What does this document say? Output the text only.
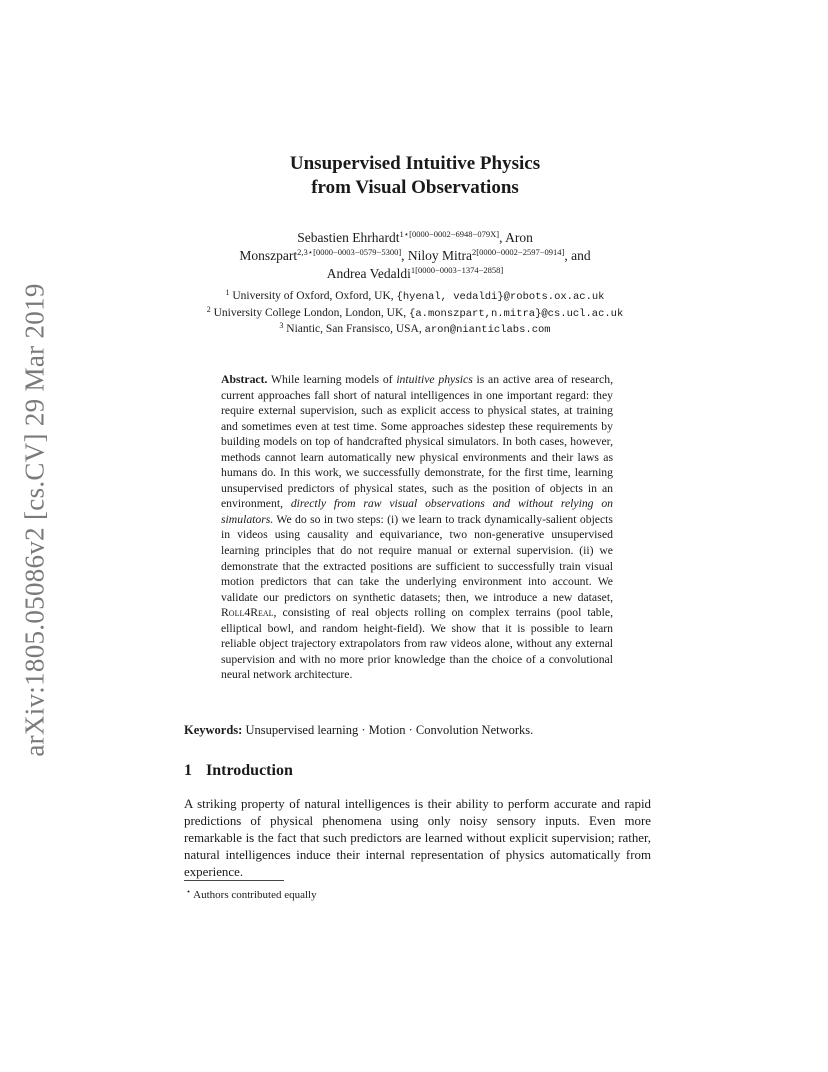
arXiv:1805.05086v2 [cs.CV] 29 Mar 2019
Unsupervised Intuitive Physics
from Visual Observations
Sebastien Ehrhardt$^{1⋆[0000-0002-6948-079X]}$, Aron
Monszpart$^{2,3⋆[0000-0003-0579-5300]}$, Niloy Mitra$^{2[0000-0002-2597-0914]}$, and
Andrea Vedaldi$^{1[0000-0003-1374-2858]}$
$^1$ University of Oxford, Oxford, UK, {hyenal, vedaldi}@robots.ox.ac.uk
$^2$ University College London, London, UK, {a.monszpart,n.mitra}@cs.ucl.ac.uk
$^3$ Niantic, San Fransisco, USA, aron@nianticlabs.com
Abstract. While learning models of intuitive physics is an active area of research, current approaches fall short of natural intelligences in one important regard: they require external supervision, such as explicit access to physical states, at training and sometimes even at test time. Some approaches sidestep these requirements by building models on top of handcrafted physical simulators. In both cases, however, methods cannot learn automatically new physical environments and their laws as humans do. In this work, we successfully demonstrate, for the first time, learning unsupervised predictors of physical states, such as the position of objects in an environment, directly from raw visual observations and without relying on simulators. We do so in two steps: (i) we learn to track dynamically-salient objects in videos using causality and equivariance, two non-generative unsupervised learning principles that do not require manual or external supervision. (ii) we demonstrate that the extracted positions are sufficient to successfully train visual motion predictors that can take the underlying environment into account. We validate our predictors on synthetic datasets; then, we introduce a new dataset, Roll4Real, consisting of real objects rolling on complex terrains (pool table, elliptical bowl, and random height-field). We show that it is possible to learn reliable object trajectory extrapolators from raw videos alone, without any external supervision and with no more prior knowledge than the choice of a convolutional neural network architecture.
Keywords: Unsupervised learning · Motion · Convolution Networks.
1 Introduction
A striking property of natural intelligences is their ability to perform accurate and rapid predictions of physical phenomena using only noisy sensory inputs. Even more remarkable is the fact that such predictors are learned without explicit supervision; rather, natural intelligences induce their internal representation of physics automatically from experience.
⋆ Authors contributed equally
